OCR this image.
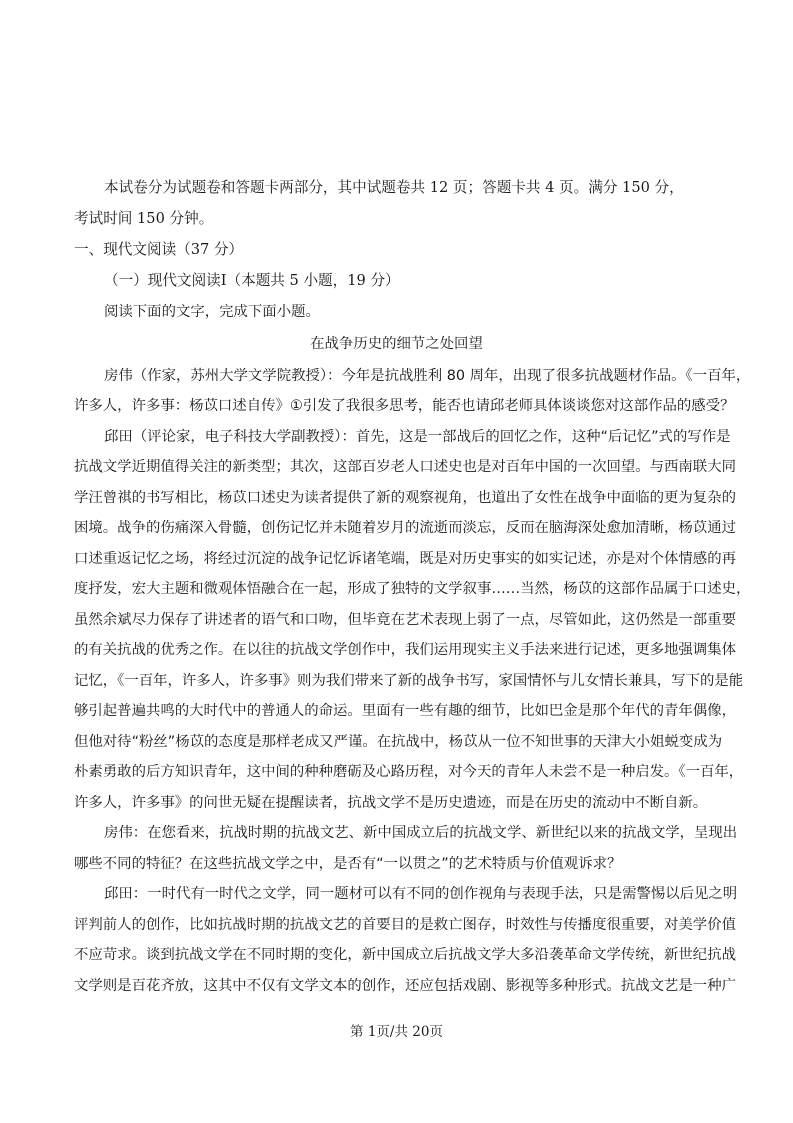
本试卷分为试题卷和答题卡两部分，其中试题卷共 12 页；答题卡共 4 页。满分 150 分，
考试时间 150 分钟。
一、现代文阅读（37 分）
（一）现代文阅读Ⅰ（本题共 5 小题，19 分）
阅读下面的文字，完成下面小题。
在战争历史的细节之处回望
房伟（作家，苏州大学文学院教授）：今年是抗战胜利 80 周年，出现了很多抗战题材作品。《一百年，
许多人，许多事：杨苡口述自传》①引发了我很多思考，能否也请邱老师具体谈谈您对这部作品的感受？
邱田（评论家，电子科技大学副教授）：首先，这是一部战后的回忆之作，这种“后记忆”式的写作是
抗战文学近期值得关注的新类型；其次，这部百岁老人口述史也是对百年中国的一次回望。与西南联大同
学汪曾祺的书写相比，杨苡口述史为读者提供了新的观察视角，也道出了女性在战争中面临的更为复杂的
困境。战争的伤痛深入骨髓，创伤记忆并未随着岁月的流逝而淡忘，反而在脑海深处愈加清晰，杨苡通过
口述重返记忆之场，将经过沉淀的战争记忆诉诸笔端，既是对历史事实的如实记述，亦是对个体情感的再
度抒发，宏大主题和微观体悟融合在一起，形成了独特的文学叙事……当然，杨苡的这部作品属于口述史，
虽然余斌尽力保存了讲述者的语气和口吻，但毕竟在艺术表现上弱了一点，尽管如此，这仍然是一部重要
的有关抗战的优秀之作。在以往的抗战文学创作中，我们运用现实主义手法来进行记述，更多地强调集体
记忆，《一百年，许多人，许多事》则为我们带来了新的战争书写，家国情怀与儿女情长兼具，写下的是能
够引起普遍共鸣的大时代中的普通人的命运。里面有一些有趣的细节，比如巴金是那个年代的青年偶像，
但他对待“粉丝”杨苡的态度是那样老成又严谨。在抗战中，杨苡从一位不知世事的天津大小姐蜕变成为
朴素勇敢的后方知识青年，这中间的种种磨砺及心路历程，对今天的青年人未尝不是一种启发。《一百年，
许多人，许多事》的问世无疑在提醒读者，抗战文学不是历史遗迹，而是在历史的流动中不断自新。
房伟：在您看来，抗战时期的抗战文艺、新中国成立后的抗战文学、新世纪以来的抗战文学，呈现出
哪些不同的特征？在这些抗战文学之中，是否有“一以贯之”的艺术特质与价值观诉求？
邱田：一时代有一时代之文学，同一题材可以有不同的创作视角与表现手法，只是需警惕以后见之明
评判前人的创作，比如抗战时期的抗战文艺的首要目的是救亡图存，时效性与传播度很重要，对美学价值
不应苛求。谈到抗战文学在不同时期的变化，新中国成立后抗战文学大多沿袭革命文学传统，新世纪抗战
文学则是百花齐放，这其中不仅有文学文本的创作，还应包括戏剧、影视等多种形式。抗战文艺是一种广
第 1页/共 20页
